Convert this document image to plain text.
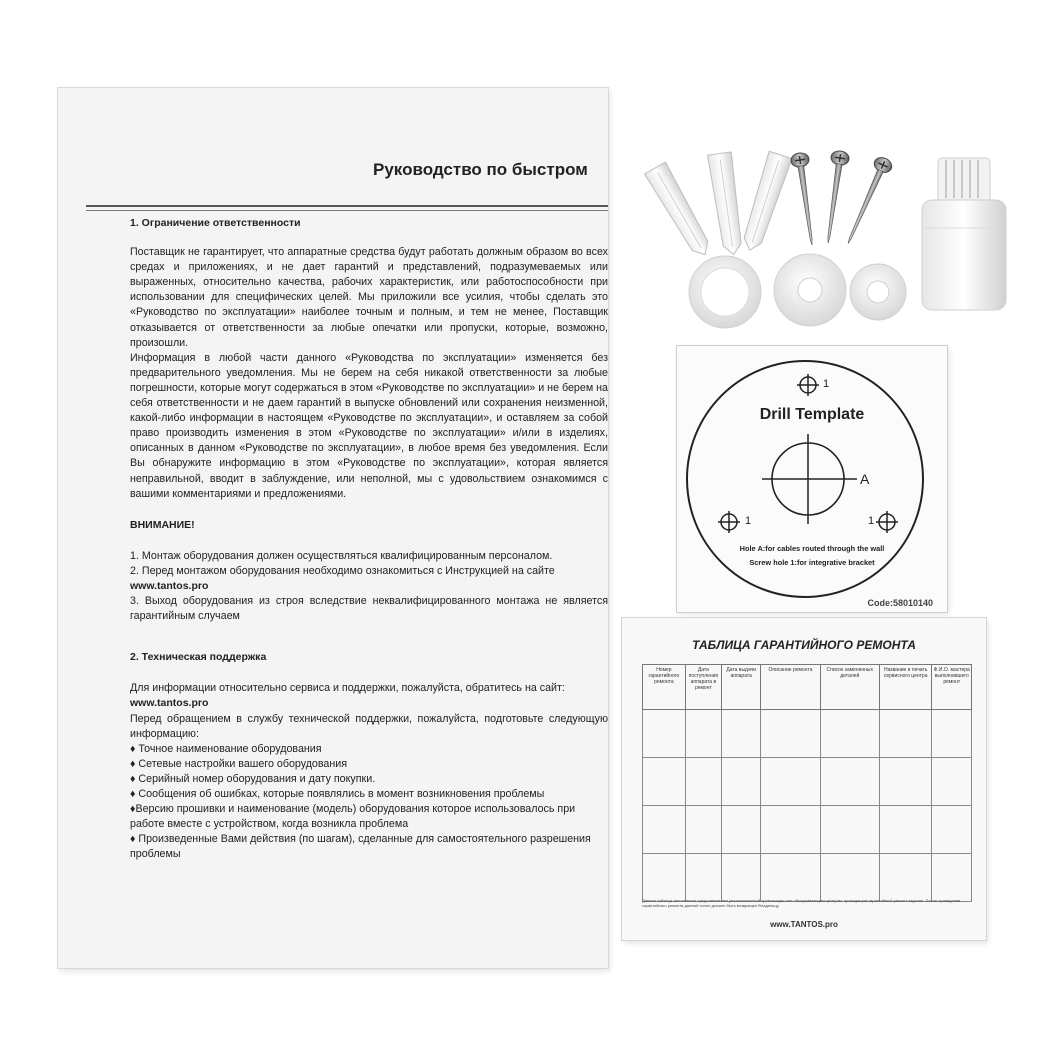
Руководство по быстром

1. Ограничение ответственности

Поставщик не гарантирует, что аппаратные средства будут работать должным образом во всех средах и приложениях, и не дает гарантий и представлений, подразумеваемых или выраженных, относительно качества, рабочих характеристик, или работоспособности при использовании для специфических целей. Мы приложили все усилия, чтобы сделать это «Руководство по эксплуатации» наиболее точным и полным, и тем не менее, Поставщик отказывается от ответственности за любые опечатки или пропуски, которые, возможно, произошли.

Информация в любой части данного «Руководства по эксплуатации» изменяется без предварительного уведомления. Мы не берем на себя никакой ответственности за любые погрешности, которые могут содержаться в этом «Руководстве по эксплуатации» и не берем на себя ответственности и не даем гарантий в выпуске обновлений или сохранения неизменной, какой-либо информации в настоящем «Руководстве по эксплуатации», и оставляем за собой право производить изменения в этом «Руководстве по эксплуатации» и/или в изделиях, описанных в данном «Руководстве по эксплуатации», в любое время без уведомления. Если Вы обнаружите информацию в этом «Руководстве по эксплуатации», которая является неправильной, вводит в заблуждение, или неполной, мы с удовольствием ознакомимся с вашими комментариями и предложениями.

ВНИМАНИЕ!

1. Монтаж оборудования должен осуществляться квалифицированным персоналом.

2. Перед монтажом оборудования необходимо ознакомиться с Инструкцией на сайте

www.tantos.pro

3. Выход оборудования из строя вследствие неквалифицированного монтажа не является гарантийным случаем

2. Техническая поддержка

Для информации относительно сервиса и поддержки, пожалуйста, обратитесь на сайт:

www.tantos.pro

Перед обращением в службу технической поддержки, пожалуйста, подготовьте следующую информацию:

♦ Точное наименование оборудования

♦ Сетевые настройки вашего оборудования

♦ Серийный номер оборудования и дату покупки.

♦ Сообщения об ошибках, которые появлялись в момент возникновения проблемы

♦Версию прошивки и наименование (модель) оборудования которое использовалось при работе вместе с устройством, когда возникла проблема

♦ Произведенные Вами действия (по шагам), сделанные для самостоятельного разрешения проблемы

Drill Template
1
1	1
A
Hole A:for cables routed through the wall
Screw hole 1:for integrative bracket
Code:58010140
ТАБЛИЦА ГАРАНТИЙНОГО РЕМОНТА
Номер гарантийного ремонта	Дата поступления аппарата в ремонт	Дата выдачи аппарата	Описание ремонта	Список замененных деталей	Название и печать сервисного центра	Ф.И.О. мастера выполнившего ремонт

Данная таблица заполняется представителем уполномоченной организации или обслуживающим центром, проводящим гарантийный ремонт изделия. После проведения гарантийного ремонта данный талон должен быть возвращен Владельцу.
www.TANTOS.pro
